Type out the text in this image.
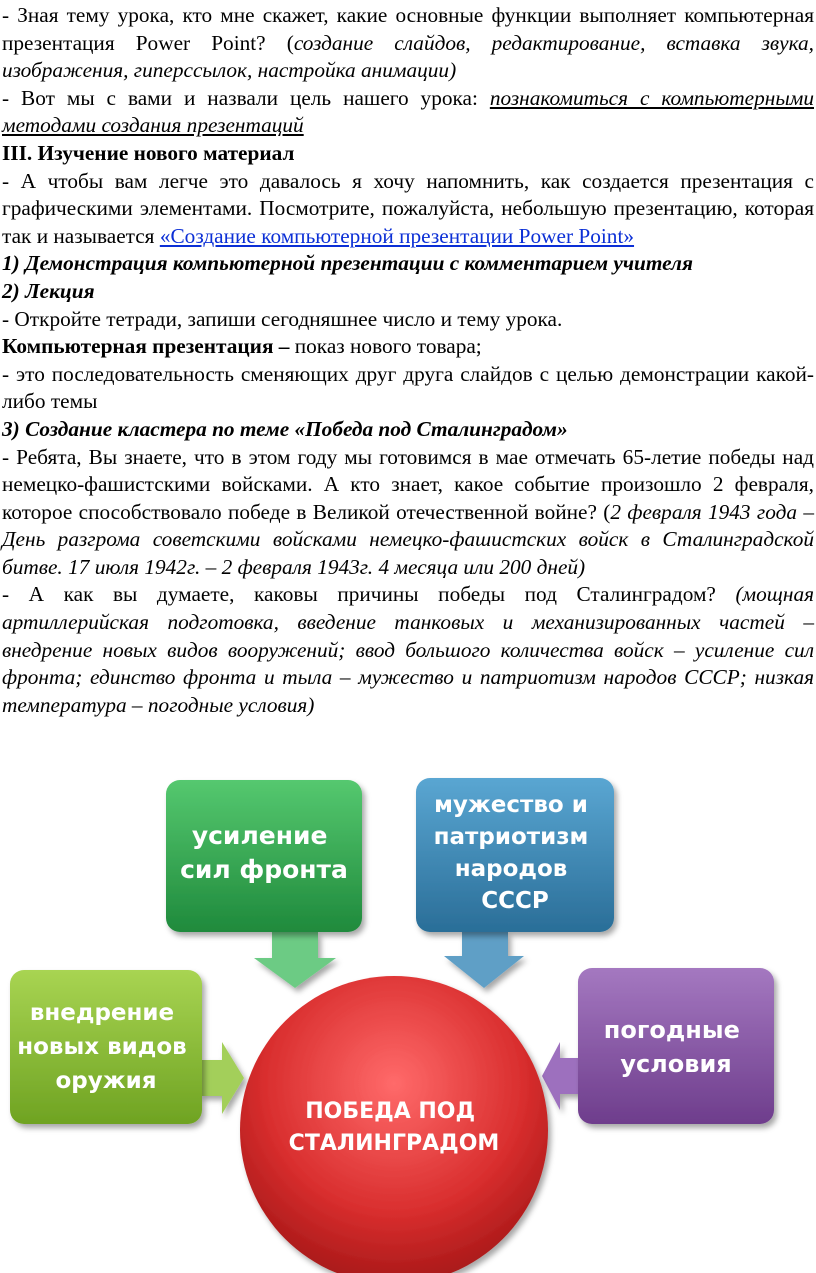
- Зная тему урока, кто мне скажет, какие основные функции выполняет компьютерная презентация Power Point? (создание слайдов, редактирование, вставка звука, изображения, гиперссылок, настройка анимации)

- Вот мы с вами и назвали цель нашего урока: познакомиться с компьютерными методами создания презентаций

III. Изучение нового материал

- А чтобы вам легче это давалось я хочу напомнить, как создается презентация с графическими элементами. Посмотрите, пожалуйста, небольшую презентацию, которая так и называется «Создание компьютерной презентации Power Point»

1) Демонстрация компьютерной презентации с комментарием учителя

2) Лекция

- Откройте тетради, запиши сегодняшнее число и тему урока.

Компьютерная презентация – показ нового товара;

- это последовательность сменяющих друг друга слайдов с целью демонстрации какой-либо темы

3) Создание кластера по теме «Победа под Сталинградом»

- Ребята, Вы знаете, что в этом году мы готовимся в мае отмечать 65-летие победы над немецко-фашистскими войсками. А кто знает, какое событие произошло 2 февраля, которое способствовало победе в Великой отечественной войне? (2 февраля 1943 года – День разгрома советскими войсками немецко-фашистских войск в Сталинградской битве. 17 июля 1942г. – 2 февраля 1943г. 4 месяца или 200 дней)

- А как вы думаете, каковы причины победы под Сталинградом? (мощная артиллерийская подготовка, введение танковых и механизированных частей – внедрение новых видов вооружений; ввод большого количества войск – усиление сил фронта; единство фронта и тыла – мужество и патриотизм народов СССР; низкая температура – погодные условия)

усиление сил фронта
мужество и патриотизм народов СССР
внедрение новых видов оружия
погодные условия
ПОБЕДА ПОД СТАЛИНГРАДОМ
